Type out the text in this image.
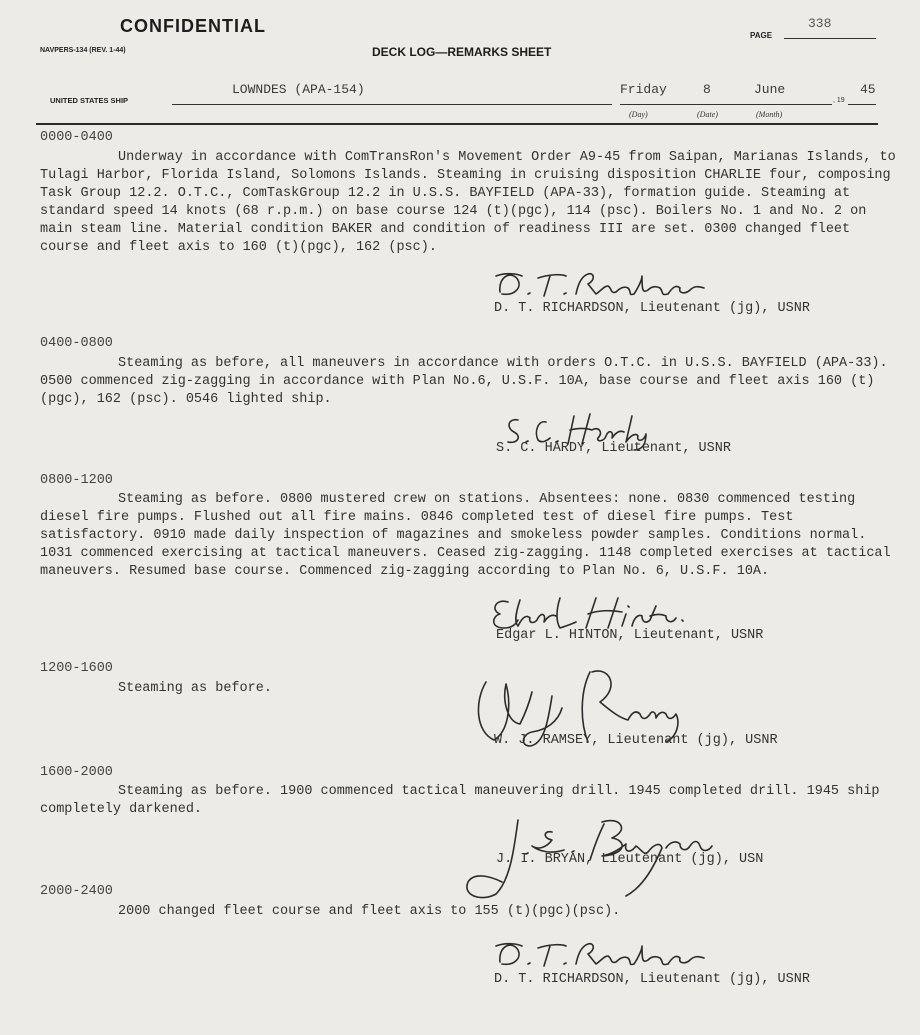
CONFIDENTIAL
NAVPERS-134 (REV. 1-44)	DECK LOG—REMARKS SHEET
PAGE
338
UNITED STATES SHIP
LOWNDES (APA-154)	Friday	8	June
, 19
45
(Day)	(Date)	(Month)
0000-0400
Underway in accordance with ComTransRon's Movement Order A9-45 from Saipan, Marianas Islands, to Tulagi Harbor, Florida Island, Solomons Islands. Steaming in cruising disposition CHARLIE four, composing Task Group 12.2. O.T.C., ComTaskGroup 12.2 in U.S.S. BAYFIELD (APA-33), formation guide. Steaming at standard speed 14 knots (68 r.p.m.) on base course 124 (t)(pgc), 114 (psc). Boilers No. 1 and No. 2 on main steam line. Material condition BAKER and condition of readiness III are set. 0300 changed fleet course and fleet axis to 160 (t)(pgc), 162 (psc).
D. T. RICHARDSON, Lieutenant (jg), USNR
0400-0800
Steaming as before, all maneuvers in accordance with orders O.T.C. in U.S.S. BAYFIELD (APA-33). 0500 commenced zig-zagging in accordance with Plan No.6, U.S.F. 10A, base course and fleet axis 160 (t)(pgc), 162 (psc). 0546 lighted ship.
S. C. HARDY, Lieutenant, USNR
0800-1200
Steaming as before. 0800 mustered crew on stations. Absentees: none. 0830 commenced testing diesel fire pumps. Flushed out all fire mains. 0846 completed test of diesel fire pumps. Test satisfactory. 0910 made daily inspection of magazines and smokeless powder samples. Conditions normal. 1031 commenced exercising at tactical maneuvers. Ceased zig-zagging. 1148 completed exercises at tactical maneuvers. Resumed base course. Commenced zig-zagging according to Plan No. 6, U.S.F. 10A.
Edgar L. HINTON, Lieutenant, USNR
1200-1600
Steaming as before.
W. J. RAMSEY, Lieutenant (jg), USNR
1600-2000
Steaming as before. 1900 commenced tactical maneuvering drill. 1945 completed drill. 1945 ship completely darkened.
J. I. BRYAN, Lieutenant (jg), USN
2000-2400
2000 changed fleet course and fleet axis to 155 (t)(pgc)(psc).
D. T. RICHARDSON, Lieutenant (jg), USNR
